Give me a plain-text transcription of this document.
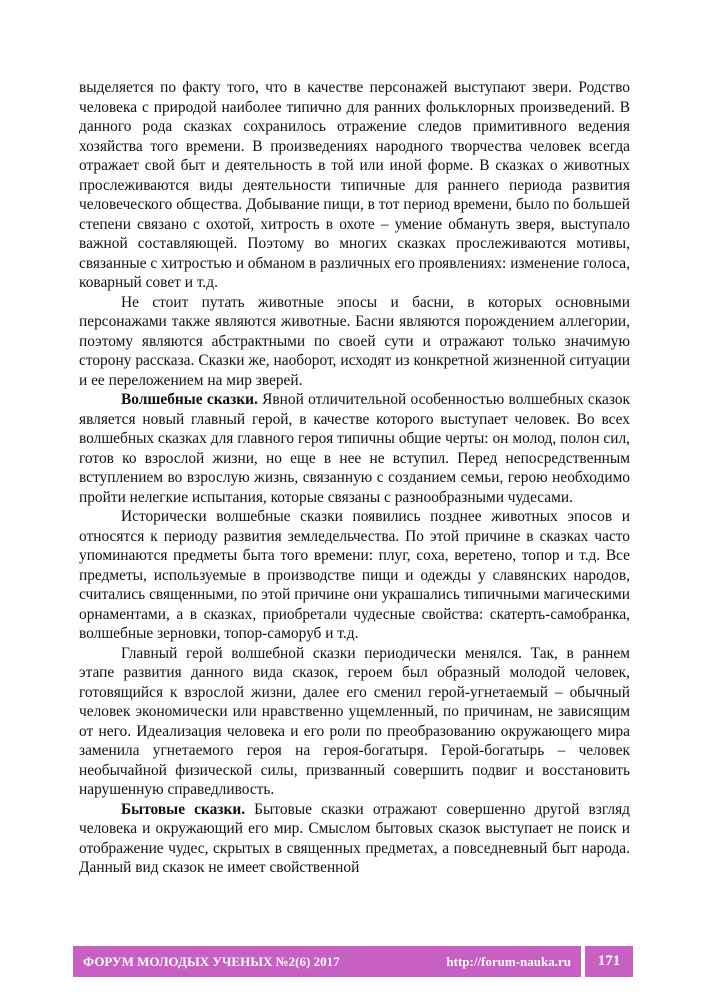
выделяется по факту того, что в качестве персонажей выступают звери. Родство человека с природой наиболее типично для ранних фольклорных произведений. В данного рода сказках сохранилось отражение следов примитивного ведения хозяйства того времени. В произведениях народного творчества человек всегда отражает свой быт и деятельность в той или иной форме. В сказках о животных прослеживаются виды деятельности типичные для раннего периода развития человеческого общества. Добывание пищи, в тот период времени, было по большей степени связано с охотой, хитрость в охоте – умение обмануть зверя, выступало важной составляющей. Поэтому во многих сказках прослеживаются мотивы, связанные с хитростью и обманом в различных его проявлениях: изменение голоса, коварный совет и т.д.

Не стоит путать животные эпосы и басни, в которых основными персонажами также являются животные. Басни являются порождением аллегории, поэтому являются абстрактными по своей сути и отражают только значимую сторону рассказа. Сказки же, наоборот, исходят из конкретной жизненной ситуации и ее переложением на мир зверей.

Волшебные сказки. Явной отличительной особенностью волшебных сказок является новый главный герой, в качестве которого выступает человек. Во всех волшебных сказках для главного героя типичны общие черты: он молод, полон сил, готов ко взрослой жизни, но еще в нее не вступил. Перед непосредственным вступлением во взрослую жизнь, связанную с созданием семьи, герою необходимо пройти нелегкие испытания, которые связаны с разнообразными чудесами.

Исторически волшебные сказки появились позднее животных эпосов и относятся к периоду развития земледельчества. По этой причине в сказках часто упоминаются предметы быта того времени: плуг, соха, веретено, топор и т.д. Все предметы, используемые в производстве пищи и одежды у славянских народов, считались священными, по этой причине они украшались типичными магическими орнаментами, а в сказках, приобретали чудесные свойства: скатерть-самобранка, волшебные зерновки, топор-саморуб и т.д.

Главный герой волшебной сказки периодически менялся. Так, в раннем этапе развития данного вида сказок, героем был образный молодой человек, готовящийся к взрослой жизни, далее его сменил герой-угнетаемый – обычный человек экономически или нравственно ущемленный, по причинам, не зависящим от него. Идеализация человека и его роли по преобразованию окружающего мира заменила угнетаемого героя на героя-богатыря. Герой-богатырь – человек необычайной физической силы, призванный совершить подвиг и восстановить нарушенную справедливость.

Бытовые сказки. Бытовые сказки отражают совершенно другой взгляд человека и окружающий его мир. Смыслом бытовых сказок выступает не поиск и отображение чудес, скрытых в священных предметах, а повседневный быт народа. Данный вид сказок не имеет свойственной

ФОРУМ МОЛОДЫХ УЧЕНЫХ №2(6) 2017	http://forum-nauka.ru	171
